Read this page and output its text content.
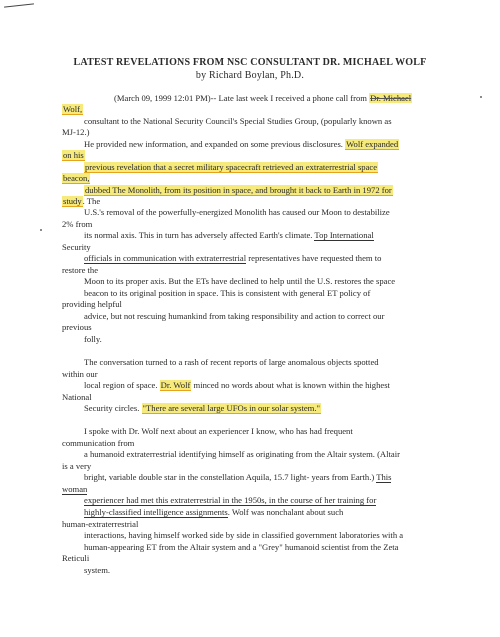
LATEST REVELATIONS FROM NSC CONSULTANT DR. MICHAEL WOLF

by Richard Boylan, Ph.D.

(March 09, 1999 12:01 PM)-- Late last week I received a phone call from Dr. Michael

Wolf,

consultant to the National Security Council's Special Studies Group, (popularly known as

MJ-12.)

He provided new information, and expanded on some previous disclosures. Wolf expanded

on his

previous revelation that a secret military spacecraft retrieved an extraterrestrial space

beacon,

dubbed The Monolith, from its position in space, and brought it back to Earth in 1972 for

study. The

U.S.'s removal of the powerfully-energized Monolith has caused our Moon to destabilize

2% from

its normal axis. This in turn has adversely affected Earth's climate. Top International

Security

officials in communication with extraterrestrial representatives have requested them to

restore the

Moon to its proper axis. But the ETs have declined to help until the U.S. restores the space

beacon to its original position in space. This is consistent with general ET policy of

providing helpful

advice, but not rescuing humankind from taking responsibility and action to correct our

previous

folly.

The conversation turned to a rash of recent reports of large anomalous objects spotted

within our

local region of space. Dr. Wolf minced no words about what is known within the highest

National

Security circles. "There are several large UFOs in our solar system."

I spoke with Dr. Wolf next about an experiencer I know, who has had frequent

communication from

a humanoid extraterrestrial identifying himself as originating from the Altair system. (Altair

is a very

bright, variable double star in the constellation Aquila, 15.7 light- years from Earth.) This

woman

experiencer had met this extraterrestrial in the 1950s, in the course of her training for

highly-classified intelligence assignments. Wolf was nonchalant about such

human-extraterrestrial

interactions, having himself worked side by side in classified government laboratories with a

human-appearing ET from the Altair system and a "Grey" humanoid scientist from the Zeta

Reticuli

system.
